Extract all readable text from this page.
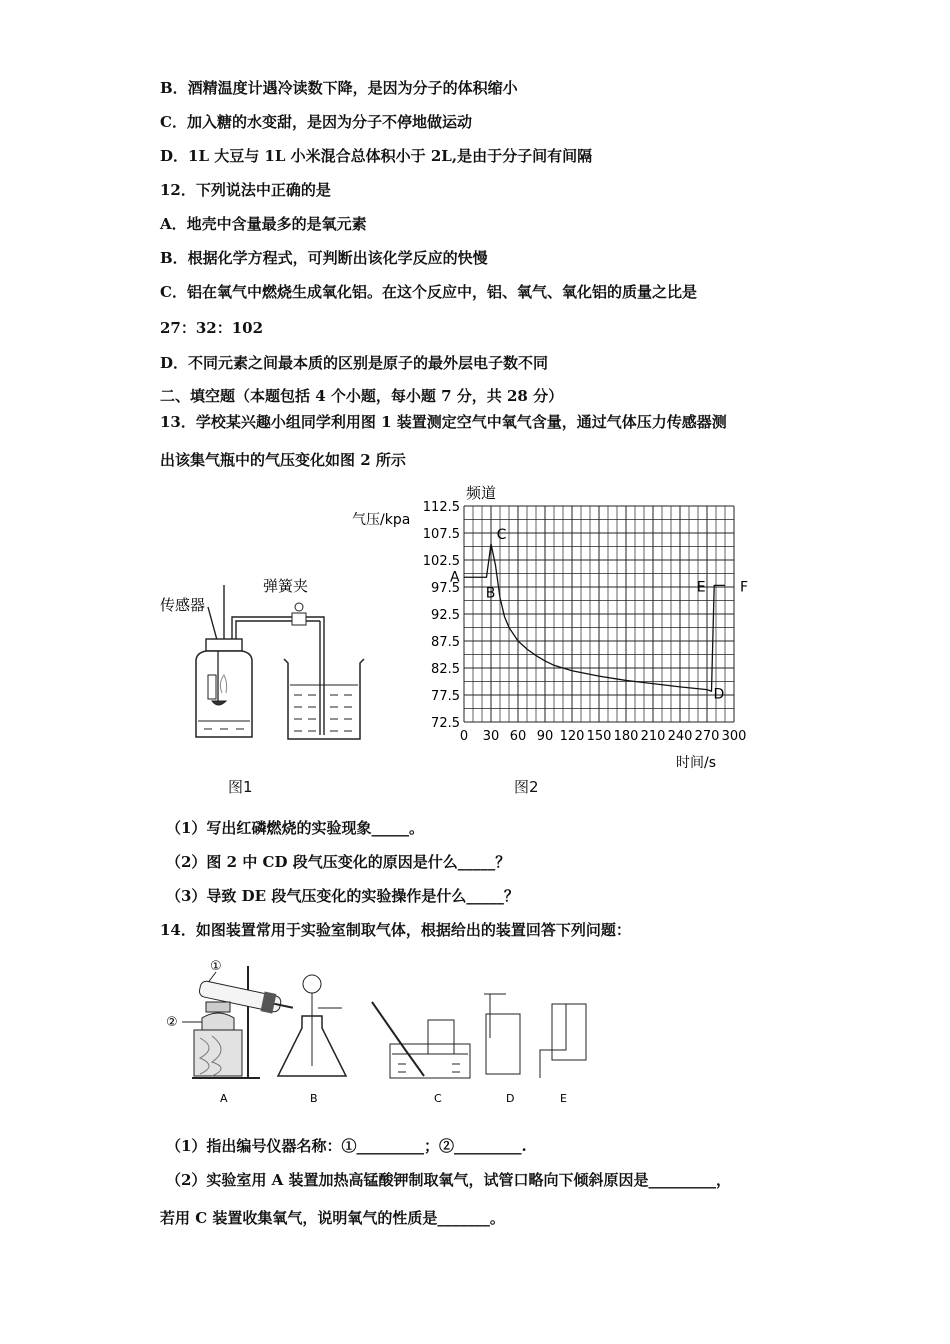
B．酒精温度计遇冷读数下降，是因为分子的体积缩小
C．加入糖的水变甜，是因为分子不停地做运动
D．1L 大豆与 1L 小米混合总体积小于 2L,是由于分子间有间隔
12．下列说法中正确的是
A．地壳中含量最多的是氧元素
B．根据化学方程式，可判断出该化学反应的快慢
C．铝在氧气中燃烧生成氧化铝。在这个反应中，铝、氧气、氧化铝的质量之比是
27：32：102
D．不同元素之间最本质的区别是原子的最外层电子数不同
二、填空题（本题包括 4 个小题，每小题 7 分，共 28 分）
13．学校某兴趣小组同学利用图 1 装置测定空气中氧气含量，通过气体压力传感器测
出该集气瓶中的气压变化如图 2 所示
传感器
弹簧夹
图1
频道
气压/kpa
时间/s
0 30 60 90 120 150 180 210 240 270 300
112.5
107.5
102.5
97.5
92.5
87.5
82.5
77.5
72.5
A
B
C
D
E F
图2
（1）写出红磷燃烧的实验现象_____。
（2）图 2 中 CD 段气压变化的原因是什么_____？
（3）导致 DE 段气压变化的实验操作是什么_____？
14．如图装置常用于实验室制取气体，根据给出的装置回答下列问题：
①
②
A	B	C	D	E
（1）指出编号仪器名称：①_________；②_________.
（2）实验室用 A 装置加热高锰酸钾制取氧气，试管口略向下倾斜原因是_________，
若用 C 装置收集氧气，说明氧气的性质是_______。
